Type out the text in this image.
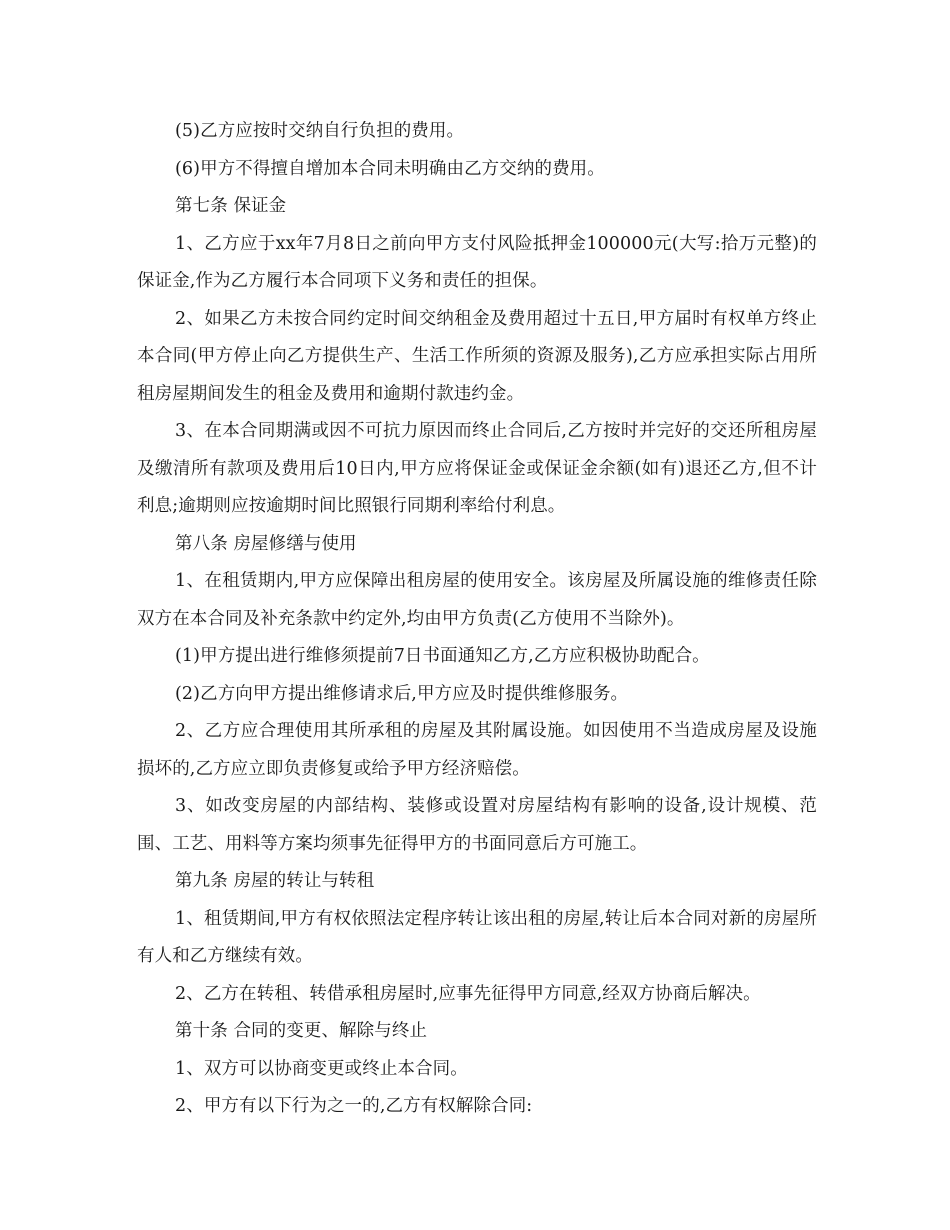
(5)乙方应按时交纳自行负担的费用。

(6)甲方不得擅自增加本合同未明确由乙方交纳的费用。

第七条 保证金

1、乙方应于xx年7月8日之前向甲方支付风险抵押金100000元(大写:拾万元整)的保证金,作为乙方履行本合同项下义务和责任的担保。

2、如果乙方未按合同约定时间交纳租金及费用超过十五日,甲方届时有权单方终止本合同(甲方停止向乙方提供生产、生活工作所须的资源及服务),乙方应承担实际占用所租房屋期间发生的租金及费用和逾期付款违约金。

3、在本合同期满或因不可抗力原因而终止合同后,乙方按时并完好的交还所租房屋及缴清所有款项及费用后10日内,甲方应将保证金或保证金余额(如有)退还乙方,但不计利息;逾期则应按逾期时间比照银行同期利率给付利息。

第八条 房屋修缮与使用

1、在租赁期内,甲方应保障出租房屋的使用安全。该房屋及所属设施的维修责任除双方在本合同及补充条款中约定外,均由甲方负责(乙方使用不当除外)。

(1)甲方提出进行维修须提前7日书面通知乙方,乙方应积极协助配合。

(2)乙方向甲方提出维修请求后,甲方应及时提供维修服务。

2、乙方应合理使用其所承租的房屋及其附属设施。如因使用不当造成房屋及设施损坏的,乙方应立即负责修复或给予甲方经济赔偿。

3、如改变房屋的内部结构、装修或设置对房屋结构有影响的设备,设计规模、范围、工艺、用料等方案均须事先征得甲方的书面同意后方可施工。

第九条 房屋的转让与转租

1、租赁期间,甲方有权依照法定程序转让该出租的房屋,转让后本合同对新的房屋所有人和乙方继续有效。

2、乙方在转租、转借承租房屋时,应事先征得甲方同意,经双方协商后解决。

第十条 合同的变更、解除与终止

1、双方可以协商变更或终止本合同。

2、甲方有以下行为之一的,乙方有权解除合同:
